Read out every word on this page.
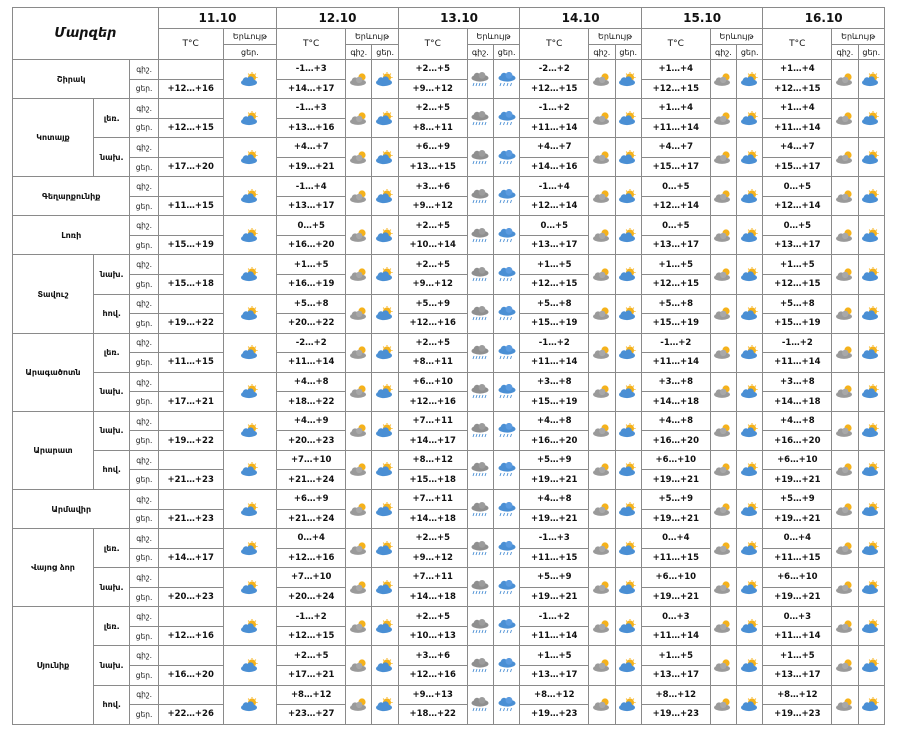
Մարզեր			11.10		12.10			13.10			14.10			15.10			16.10		
			T°C	Երևույթ	T°C	Երևույթ		T°C	Երևույթ		T°C	Երևույթ		T°C	Երևույթ		T°C	Երևույթ	
				ցեր.		գիշ.	ցեր.		գիշ.	ցեր.		գիշ.	ցեր.		գիշ.	ցեր.		գիշ.	ցեր.
Շիրակ		գիշ.			-1…+3			+2…+5			-2…+2			+1…+4			+1…+4	

		ցեր.	+12…+16		+14…+17			+9…+12			+12…+15			+12…+15			+12…+15		
Կոտայք	լեռ.	գիշ.			-1…+3			+2…+5			-1…+2			+1…+4			+1…+4	

		ցեր.	+12…+15		+13…+16			+8…+11			+11…+14			+11…+14			+11…+14		
	նախ.	գիշ.			+4…+7			+6…+9			+4…+7			+4…+7			+4…+7	

		ցեր.	+17…+20		+19…+21			+13…+15			+14…+16			+15…+17			+15…+17		
Գեղարքունիք		գիշ.			-1…+4			+3…+6			-1…+4			0…+5			0…+5	

		ցեր.	+11…+15		+13…+17			+9…+12			+12…+14			+12…+14			+12…+14		
Լոռի		գիշ.			0…+5			+2…+5			0…+5			0…+5			0…+5	

		ցեր.	+15…+19		+16…+20			+10…+14			+13…+17			+13…+17			+13…+17		
Տավուշ	նախ.	գիշ.			+1…+5			+2…+5			+1…+5			+1…+5			+1…+5	

		ցեր.	+15…+18		+16…+19			+9…+12			+12…+15			+12…+15			+12…+15		
	հով.	գիշ.			+5…+8			+5…+9			+5…+8			+5…+8			+5…+8	

		ցեր.	+19…+22		+20…+22			+12…+16			+15…+19			+15…+19			+15…+19		
Արագածոտն	լեռ.	գիշ.			-2…+2			+2…+5			-1…+2			-1…+2			-1…+2	

		ցեր.	+11…+15		+11…+14			+8…+11			+11…+14			+11…+14			+11…+14		
	նախ.	գիշ.			+4…+8			+6…+10			+3…+8			+3…+8			+3…+8	

		ցեր.	+17…+21		+18…+22			+12…+16			+15…+19			+14…+18			+14…+18		
Արարատ	նախ.	գիշ.			+4…+9			+7…+11			+4…+8			+4…+8			+4…+8	

		ցեր.	+19…+22		+20…+23			+14…+17			+16…+20			+16…+20			+16…+20		
	հով.	գիշ.			+7…+10			+8…+12			+5…+9			+6…+10			+6…+10	

		ցեր.	+21…+23		+21…+24			+15…+18			+19…+21			+19…+21			+19…+21		
Արմավիր		գիշ.			+6…+9			+7…+11			+4…+8			+5…+9			+5…+9	

		ցեր.	+21…+23		+21…+24			+14…+18			+19…+21			+19…+21			+19…+21		
Վայոց ձոր	լեռ.	գիշ.			0…+4			+2…+5			-1…+3			0…+4			0…+4	

		ցեր.	+14…+17		+12…+16			+9…+12			+11…+15			+11…+15			+11…+15		
	նախ.	գիշ.			+7…+10			+7…+11			+5…+9			+6…+10			+6…+10	

		ցեր.	+20…+23		+20…+24			+14…+18			+19…+21			+19…+21			+19…+21		
Սյունիք	լեռ.	գիշ.			-1…+2			+2…+5			-1…+2			0…+3			0…+3	

		ցեր.	+12…+16		+12…+15			+10…+13			+11…+14			+11…+14			+11…+14		
	նախ.	գիշ.			+2…+5			+3…+6			+1…+5			+1…+5			+1…+5	

		ցեր.	+16…+20		+17…+21			+12…+16			+13…+17			+13…+17			+13…+17		
	հով.	գիշ.			+8…+12			+9…+13			+8…+12			+8…+12			+8…+12	

		ցեր.	+22…+26		+23…+27			+18…+22			+19…+23			+19…+23			+19…+23		
